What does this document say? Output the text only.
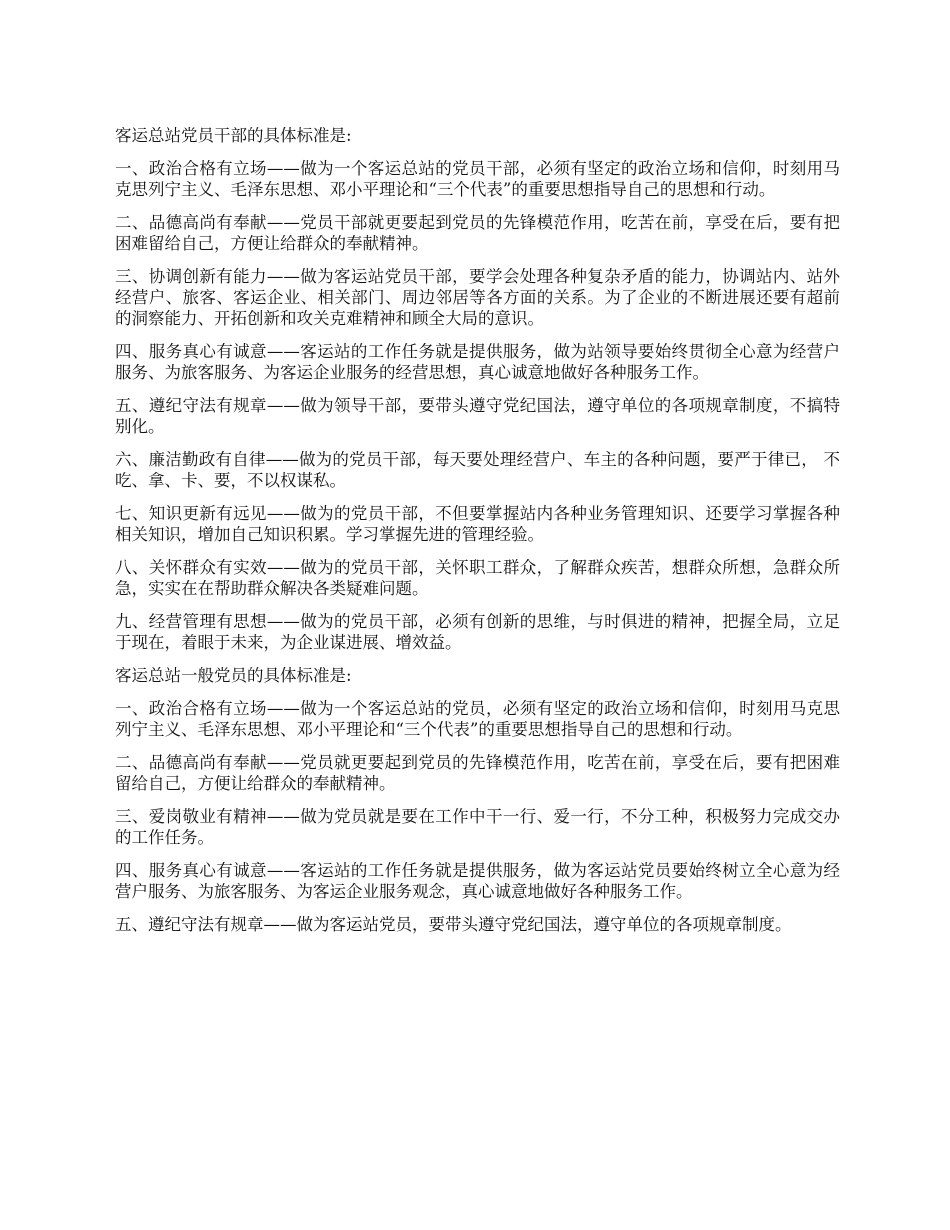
客运总站党员干部的具体标准是:

一、政治合格有立场——做为一个客运总站的党员干部，必须有坚定的政治立场和信仰，时刻用马克思列宁主义、毛泽东思想、邓小平理论和“三个代表”的重要思想指导自己的思想和行动。

二、品德高尚有奉献——党员干部就更要起到党员的先锋模范作用，吃苦在前，享受在后，要有把困难留给自己，方便让给群众的奉献精神。

三、协调创新有能力——做为客运站党员干部，要学会处理各种复杂矛盾的能力，协调站内、站外经营户、旅客、客运企业、相关部门、周边邻居等各方面的关系。为了企业的不断进展还要有超前的洞察能力、开拓创新和攻关克难精神和顾全大局的意识。

四、服务真心有诚意——客运站的工作任务就是提供服务，做为站领导要始终贯彻全心意为经营户服务、为旅客服务、为客运企业服务的经营思想，真心诚意地做好各种服务工作。

五、遵纪守法有规章——做为领导干部，要带头遵守党纪国法，遵守单位的各项规章制度，不搞特别化。

六、廉洁勤政有自律——做为的党员干部，每天要处理经营户、车主的各种问题，要严于律已， 不吃、拿、卡、要，不以权谋私。

七、知识更新有远见——做为的党员干部，不但要掌握站内各种业务管理知识、还要学习掌握各种相关知识，增加自己知识积累。学习掌握先进的管理经验。

八、关怀群众有实效——做为的党员干部，关怀职工群众，了解群众疾苦，想群众所想，急群众所急，实实在在帮助群众解决各类疑难问题。

九、经营管理有思想——做为的党员干部，必须有创新的思维，与时俱进的精神，把握全局，立足于现在，着眼于未来，为企业谋进展、增效益。

客运总站一般党员的具体标准是:

一、政治合格有立场——做为一个客运总站的党员，必须有坚定的政治立场和信仰，时刻用马克思列宁主义、毛泽东思想、邓小平理论和“三个代表”的重要思想指导自己的思想和行动。

二、品德高尚有奉献——党员就更要起到党员的先锋模范作用，吃苦在前，享受在后，要有把困难留给自己，方便让给群众的奉献精神。

三、爱岗敬业有精神——做为党员就是要在工作中干一行、爱一行，不分工种，积极努力完成交办的工作任务。

四、服务真心有诚意——客运站的工作任务就是提供服务，做为客运站党员要始终树立全心意为经营户服务、为旅客服务、为客运企业服务观念，真心诚意地做好各种服务工作。

五、遵纪守法有规章——做为客运站党员，要带头遵守党纪国法，遵守单位的各项规章制度。
